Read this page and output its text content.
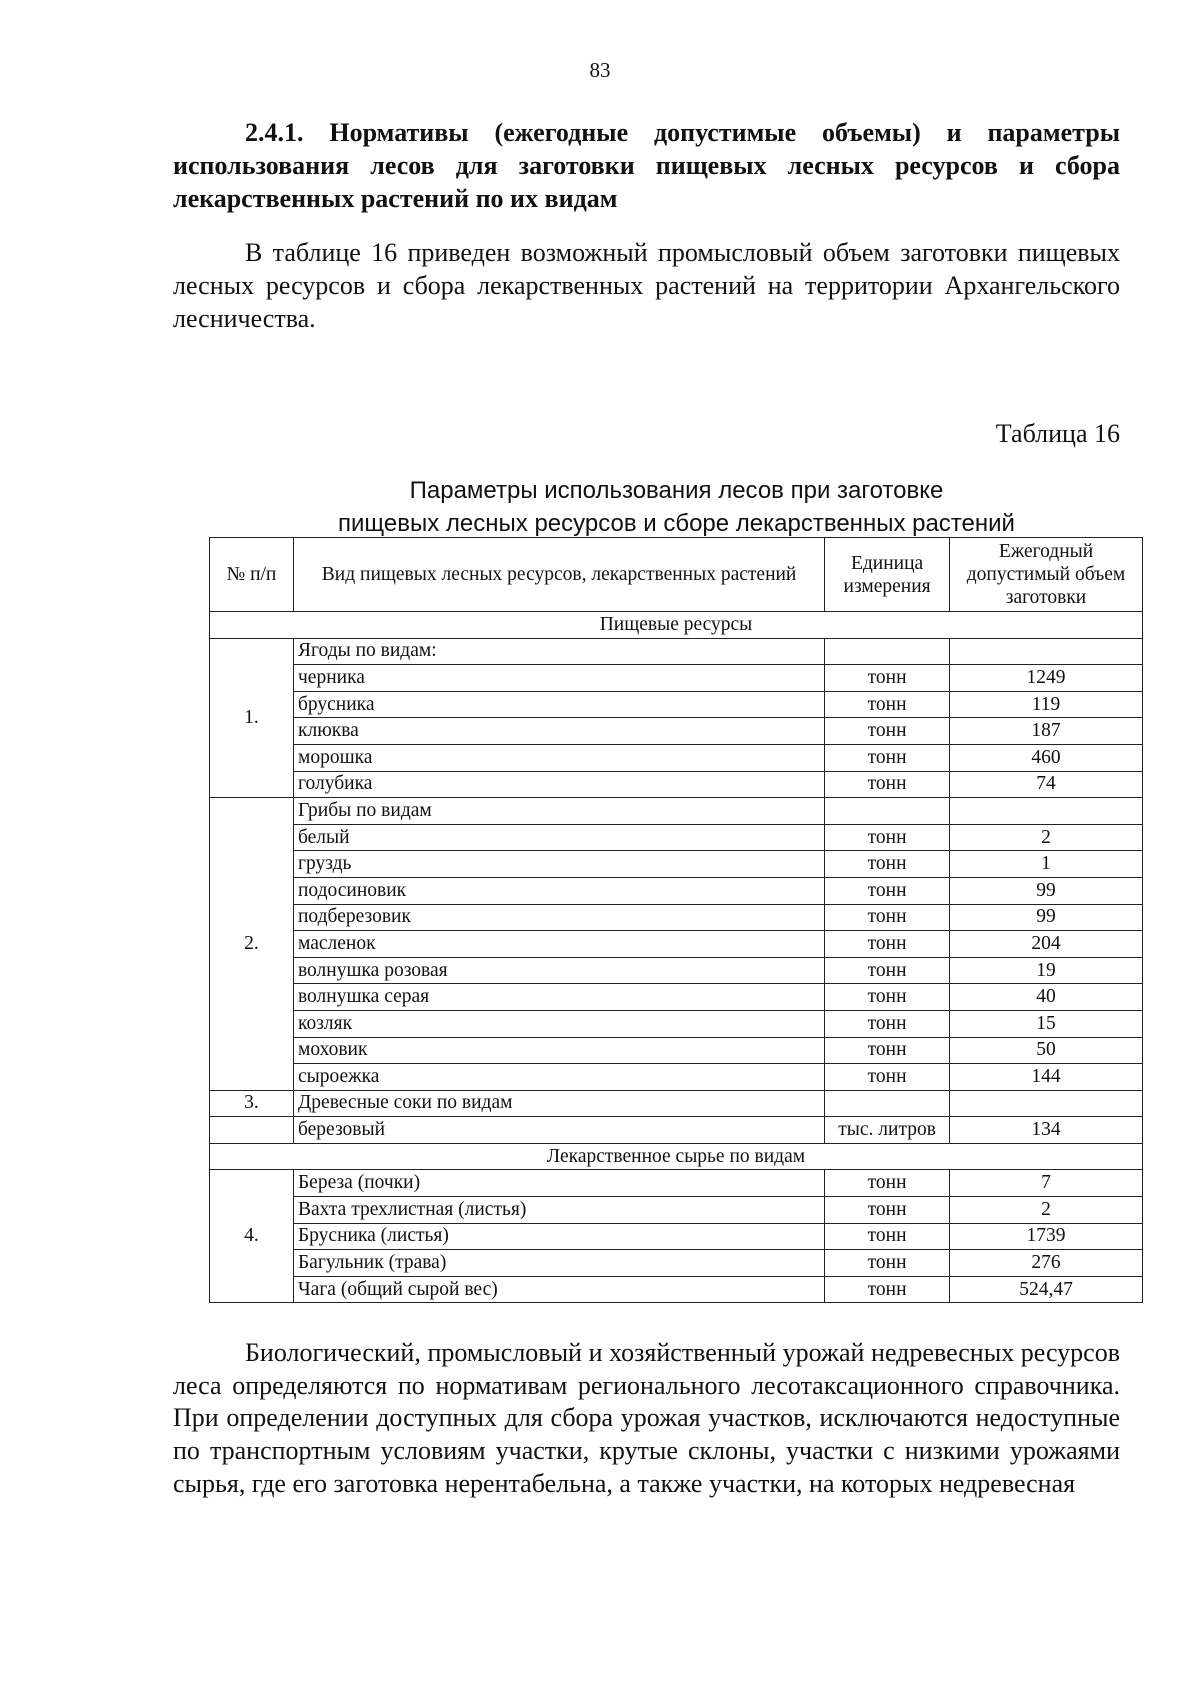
83

2.4.1. Нормативы (ежегодные допустимые объемы) и параметры использования лесов для заготовки пищевых лесных ресурсов и сбора лекарственных растений по их видам

В таблице 16 приведен возможный промысловый объем заготовки пищевых лесных ресурсов и сбора лекарственных растений на территории Архангельского лесничества.

Таблица 16
Параметры использования лесов при заготовке
пищевых лесных ресурсов и сборе лекарственных растений
№ п/п	Вид пищевых лесных ресурсов, лекарственных растений	Единица измерения	Ежегодный допустимый объем заготовки
Пищевые ресурсы			
1.	Ягоды по видам:		
	черника	тонн	1249
	брусника	тонн	119
	клюква	тонн	187
	морошка	тонн	460
	голубика	тонн	74
2.	Грибы по видам		
	белый	тонн	2
	груздь	тонн	1
	подосиновик	тонн	99
	подберезовик	тонн	99
	масленок	тонн	204
	волнушка розовая	тонн	19
	волнушка серая	тонн	40
	козляк	тонн	15
	моховик	тонн	50
	сыроежка	тонн	144
3.	Древесные соки по видам		
	березовый	тыс. литров	134
Лекарственное сырье по видам			
4.	Береза (почки)	тонн	7
	Вахта трехлистная (листья)	тонн	2
	Брусника (листья)	тонн	1739
	Багульник (трава)	тонн	276
	Чага (общий сырой вес)	тонн	524,47

Биологический, промысловый и хозяйственный урожай недревесных ресурсов леса определяются по нормативам регионального лесотаксационного справочника. При определении доступных для сбора урожая участков, исключаются недоступные по транспортным условиям участки, крутые склоны, участки с низкими урожаями сырья, где его заготовка нерентабельна, а также участки, на которых недревесная
